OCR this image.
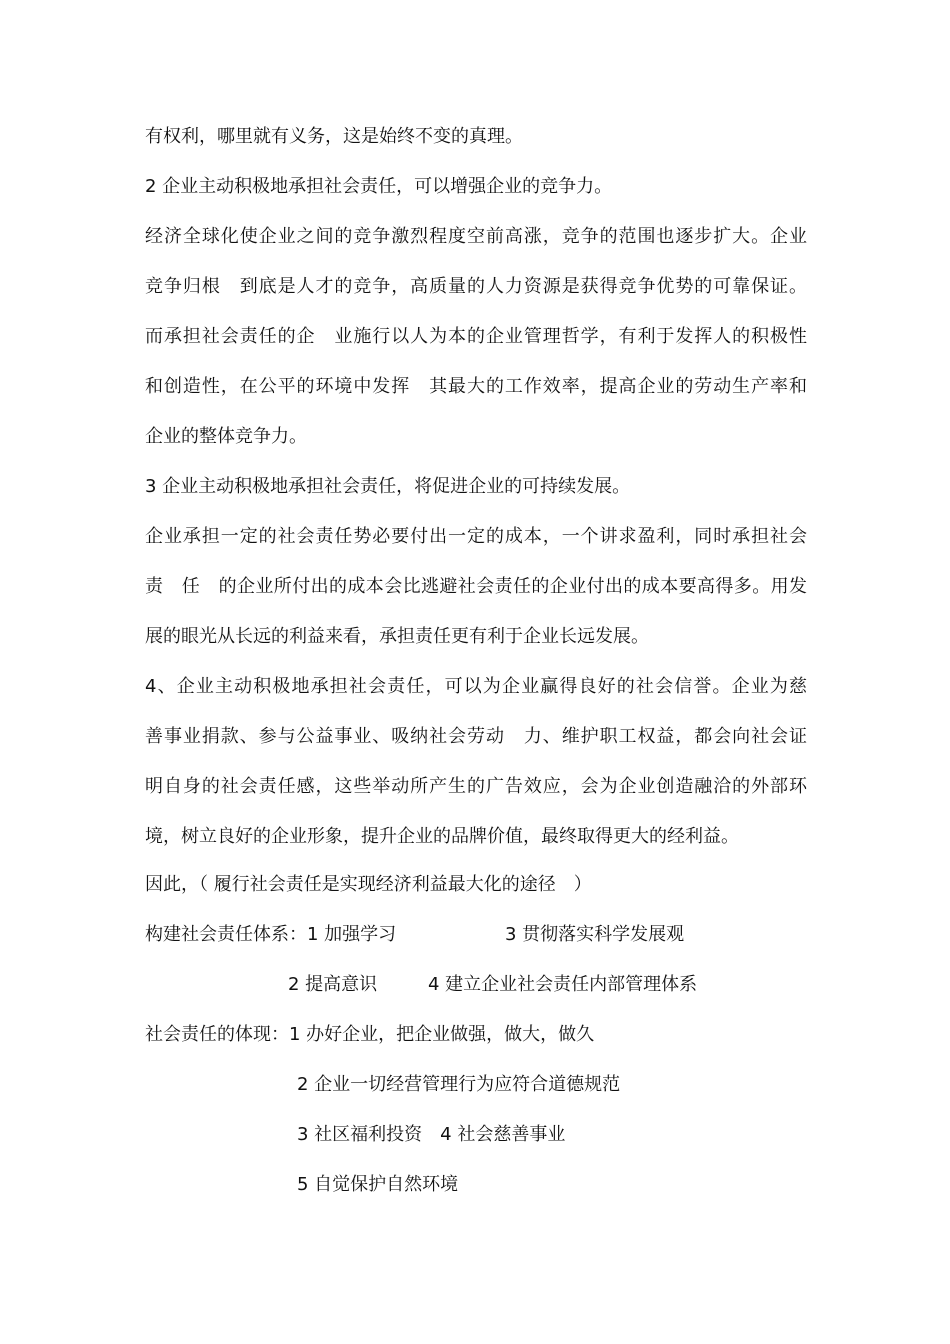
有权利，哪里就有义务，这是始终不变的真理。
2 企业主动积极地承担社会责任，可以增强企业的竞争力。
经济全球化使企业之间的竞争激烈程度空前高涨，竞争的范围也逐步扩大。企业
竞争归根　到底是人才的竞争，高质量的人力资源是获得竞争优势的可靠保证。
而承担社会责任的企　业施行以人为本的企业管理哲学，有利于发挥人的积极性
和创造性，在公平的环境中发挥　其最大的工作效率，提高企业的劳动生产率和
企业的整体竞争力。
3 企业主动积极地承担社会责任，将促进企业的可持续发展。
企业承担一定的社会责任势必要付出一定的成本，一个讲求盈利，同时承担社会
责　任　的企业所付出的成本会比逃避社会责任的企业付出的成本要高得多。用发
展的眼光从长远的利益来看，承担责任更有利于企业长远发展。
4、企业主动积极地承担社会责任，可以为企业赢得良好的社会信誉。企业为慈
善事业捐款、参与公益事业、吸纳社会劳动　力、维护职工权益，都会向社会证
明自身的社会责任感，这些举动所产生的广告效应，会为企业创造融洽的外部环
境，树立良好的企业形象，提升企业的品牌价值，最终取得更大的经利益。
因此，（ 履行社会责任是实现经济利益最大化的途径　）
构建社会责任体系：1 加强学习	3 贯彻落实科学发展观
2 提高意识	4 建立企业社会责任内部管理体系
社会责任的体现：1 办好企业，把企业做强，做大，做久
2 企业一切经营管理行为应符合道德规范
3 社区福利投资　4 社会慈善事业
5 自觉保护自然环境
